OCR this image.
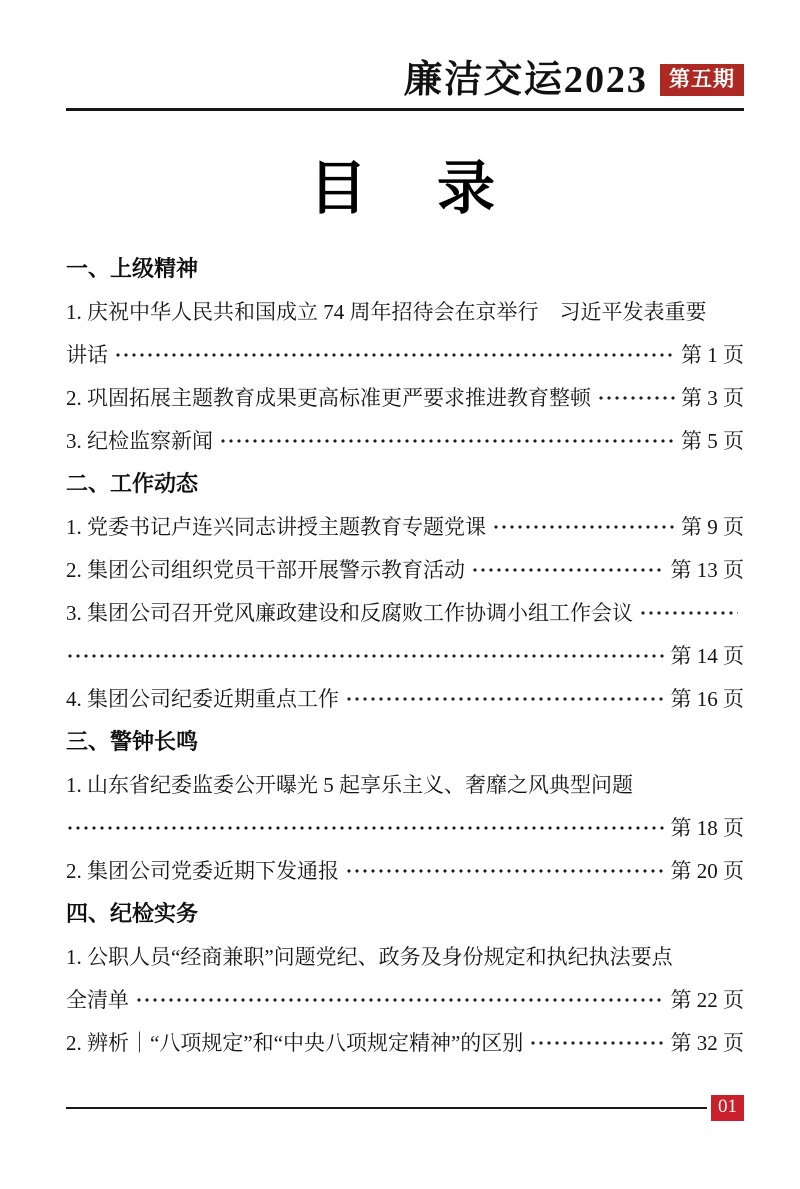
廉洁交运2023 第五期
目　录
一、上级精神
1. 庆祝中华人民共和国成立 74 周年招待会在京举行　习近平发表重要
讲话	第 1 页
2. 巩固拓展主题教育成果更高标准更严要求推进教育整顿	第 3 页
3. 纪检监察新闻	第 5 页
二、工作动态
1. 党委书记卢连兴同志讲授主题教育专题党课	第 9 页
2. 集团公司组织党员干部开展警示教育活动	第 13 页
3. 集团公司召开党风廉政建设和反腐败工作协调小组工作会议
第 14 页
4. 集团公司纪委近期重点工作	第 16 页
三、警钟长鸣
1. 山东省纪委监委公开曝光 5 起享乐主义、奢靡之风典型问题
第 18 页
2. 集团公司党委近期下发通报	第 20 页
四、纪检实务
1. 公职人员“经商兼职”问题党纪、政务及身份规定和执纪执法要点
全清单	第 22 页
2. 辨析｜“八项规定”和“中央八项规定精神”的区别	第 32 页
01
